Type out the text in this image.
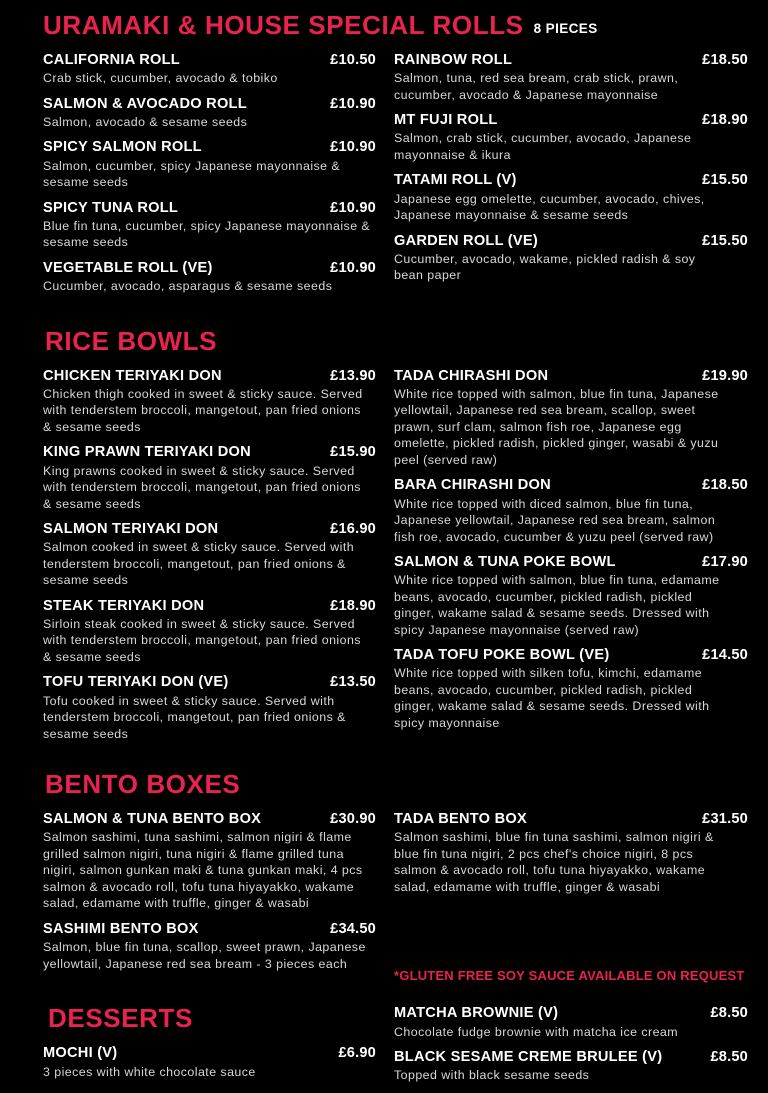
URAMAKI & HOUSE SPECIAL ROLLS 8 PIECES
CALIFORNIA ROLL	£10.50
Crab stick, cucumber, avocado & tobiko
SALMON & AVOCADO ROLL	£10.90
Salmon, avocado & sesame seeds
SPICY SALMON ROLL	£10.90
Salmon, cucumber, spicy Japanese mayonnaise & sesame seeds
SPICY TUNA ROLL	£10.90
Blue fin tuna, cucumber, spicy Japanese mayonnaise & sesame seeds
VEGETABLE ROLL (VE)	£10.90
Cucumber, avocado, asparagus & sesame seeds
RAINBOW ROLL	£18.50
Salmon, tuna, red sea bream, crab stick, prawn, cucumber, avocado & Japanese mayonnaise
MT FUJI ROLL	£18.90
Salmon, crab stick, cucumber, avocado, Japanese mayonnaise & ikura
TATAMI ROLL (V)	£15.50
Japanese egg omelette, cucumber, avocado, chives, Japanese mayonnaise & sesame seeds
GARDEN ROLL (VE)	£15.50
Cucumber, avocado, wakame, pickled radish & soy bean paper
RICE BOWLS
CHICKEN TERIYAKI DON	£13.90
Chicken thigh cooked in sweet & sticky sauce. Served with tenderstem broccoli, mangetout, pan fried onions & sesame seeds
KING PRAWN TERIYAKI DON	£15.90
King prawns cooked in sweet & sticky sauce. Served with tenderstem broccoli, mangetout, pan fried onions & sesame seeds
SALMON TERIYAKI DON	£16.90
Salmon cooked in sweet & sticky sauce. Served with tenderstem broccoli, mangetout, pan fried onions & sesame seeds
STEAK TERIYAKI DON	£18.90
Sirloin steak cooked in sweet & sticky sauce. Served with tenderstem broccoli, mangetout, pan fried onions & sesame seeds
TOFU TERIYAKI DON (VE)	£13.50
Tofu cooked in sweet & sticky sauce. Served with tenderstem broccoli, mangetout, pan fried onions & sesame seeds
TADA CHIRASHI DON	£19.90
White rice topped with salmon, blue fin tuna, Japanese yellowtail, Japanese red sea bream, scallop, sweet prawn, surf clam, salmon fish roe, Japanese egg omelette, pickled radish, pickled ginger, wasabi & yuzu peel (served raw)
BARA CHIRASHI DON	£18.50
White rice topped with diced salmon, blue fin tuna, Japanese yellowtail, Japanese red sea bream, salmon fish roe, avocado, cucumber & yuzu peel (served raw)
SALMON & TUNA POKE BOWL	£17.90
White rice topped with salmon, blue fin tuna, edamame beans, avocado, cucumber, pickled radish, pickled ginger, wakame salad & sesame seeds. Dressed with spicy Japanese mayonnaise (served raw)
TADA TOFU POKE BOWL (VE)	£14.50
White rice topped with silken tofu, kimchi, edamame beans, avocado, cucumber, pickled radish, pickled ginger, wakame salad & sesame seeds. Dressed with spicy mayonnaise
BENTO BOXES
SALMON & TUNA BENTO BOX	£30.90
Salmon sashimi, tuna sashimi, salmon nigiri & flame grilled salmon nigiri, tuna nigiri & flame grilled tuna nigiri, salmon gunkan maki & tuna gunkan maki, 4 pcs salmon & avocado roll, tofu tuna hiyayakko, wakame salad, edamame with truffle, ginger & wasabi
SASHIMI BENTO BOX	£34.50
Salmon, blue fin tuna, scallop, sweet prawn, Japanese yellowtail, Japanese red sea bream - 3 pieces each
TADA BENTO BOX	£31.50
Salmon sashimi, blue fin tuna sashimi, salmon nigiri & blue fin tuna nigiri, 2 pcs chef's choice nigiri, 8 pcs salmon & avocado roll, tofu tuna hiyayakko, wakame salad, edamame with truffle, ginger & wasabi
*GLUTEN FREE SOY SAUCE AVAILABLE ON REQUEST
DESSERTS
MOCHI (V)	£6.90
3 pieces with white chocolate sauce
MATCHA BROWNIE (V)	£8.50
Chocolate fudge brownie with matcha ice cream
BLACK SESAME CREME BRULEE (V)	£8.50
Topped with black sesame seeds
